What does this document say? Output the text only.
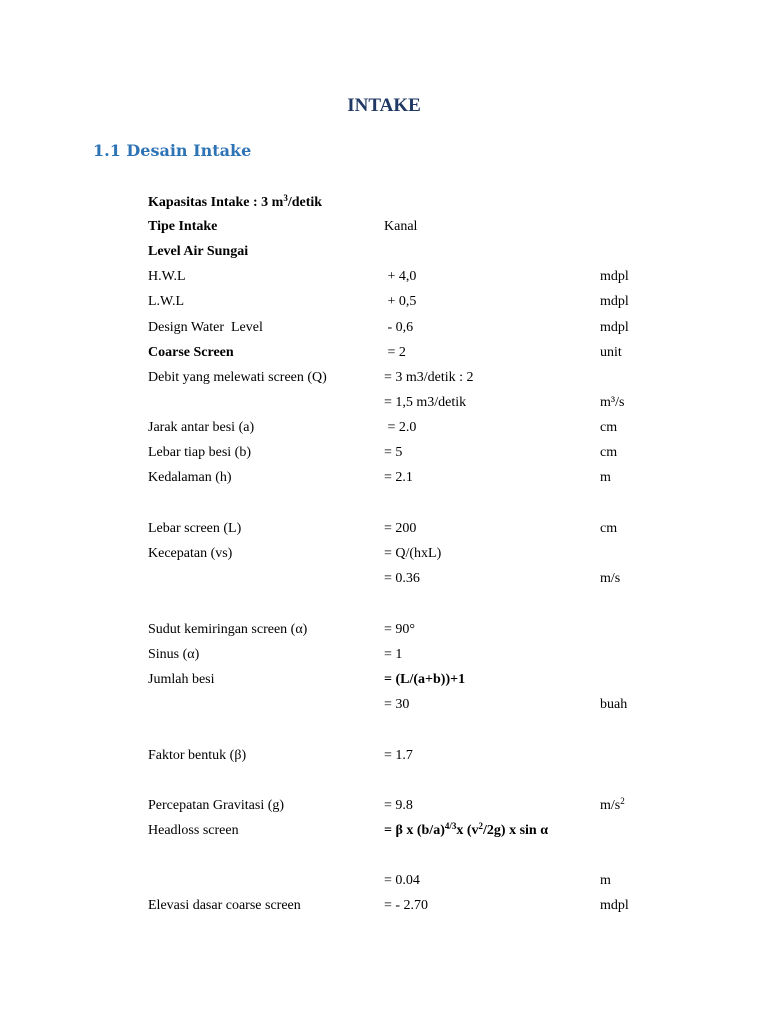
INTAKE
1.1 Desain Intake
Kapasitas Intake : 3 $m^3$/detik
Tipe Intake	Kanal
Level Air Sungai
H.W.L	+ 4,0	mdpl
L.W.L	+ 0,5	mdpl
Design Water  Level	- 0,6	mdpl
Coarse Screen	= 2	unit
Debit yang melewati screen (Q)	= 3 m3/detik : 2
= 1,5 m3/detik	m³/s
Jarak antar besi (a)	= 2.0	cm
Lebar tiap besi (b)	= 5	cm
Kedalaman (h)	= 2.1	m
Lebar screen (L)	= 200	cm
Kecepatan (vs)	= Q/(hxL)
= 0.36	m/s
Sudut kemiringan screen (α)	= 90°
Sinus (α)	= 1
Jumlah besi	= (L/(a+b))+1
= 30	buah
Faktor bentuk (β)	= 1.7
Percepatan Gravitasi (g)	= 9.8	$m/s^2$
Headloss screen	= β x $(b/a)^{4/3}x$ $(v^2/2g)$ x sin α
= 0.04	m
Elevasi dasar coarse screen	= - 2.70	mdpl
